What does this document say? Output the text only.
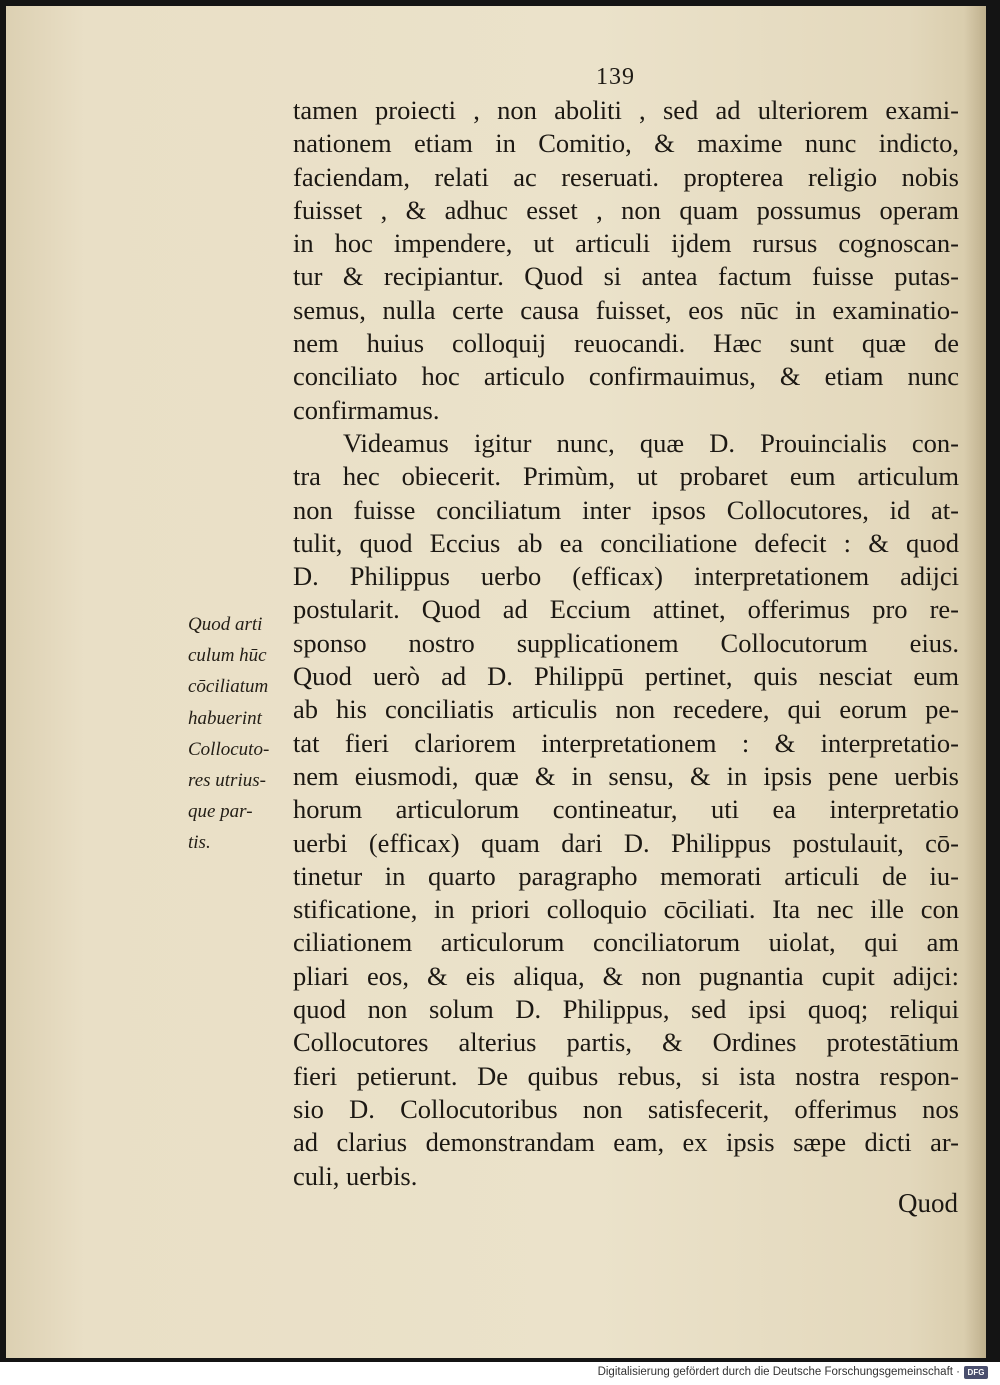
139
tamen proiecti , non aboliti , sed ad ulteriorem exami-
nationem etiam in Comitio, & maxime nunc indicto,
faciendam, relati ac reseruati. propterea religio nobis
fuisset , & adhuc esset , non quam possumus operam
in hoc impendere, ut articuli ijdem rursus cognoscan-
tur & recipiantur. Quod si antea factum fuisse putas-
semus, nulla certe causa fuisset, eos nūc in examinatio-
nem huius colloquij reuocandi. Hæc sunt quæ de
conciliato hoc articulo confirmauimus, & etiam nunc
confirmamus.
Videamus igitur nunc, quæ D. Prouincialis con-
tra hec obiecerit. Primùm, ut probaret eum articulum
non fuisse conciliatum inter ipsos Collocutores, id at-
tulit, quod Eccius ab ea conciliatione defecit : & quod
D. Philippus uerbo (efficax) interpretationem adijci
postularit. Quod ad Eccium attinet, offerimus pro re-
sponso nostro supplicationem Collocutorum eius.
Quod uerò ad D. Philippū pertinet, quis nesciat eum
ab his conciliatis articulis non recedere, qui eorum pe-
tat fieri clariorem interpretationem : & interpretatio-
nem eiusmodi, quæ & in sensu, & in ipsis pene uerbis
horum articulorum contineatur, uti ea interpretatio
uerbi (efficax) quam dari D. Philippus postulauit, cō-
tinetur in quarto paragrapho memorati articuli de iu-
stificatione, in priori colloquio cōciliati. Ita nec ille con
ciliationem articulorum conciliatorum uiolat, qui am
pliari eos, & eis aliqua, & non pugnantia cupit adijci:
quod non solum D. Philippus, sed ipsi quoq; reliqui
Collocutores alterius partis, & Ordines protestātium
fieri petierunt. De quibus rebus, si ista nostra respon-
sio D. Collocutoribus non satisfecerit, offerimus nos
ad clarius demonstrandam eam, ex ipsis sæpe dicti ar-
culi, uerbis.
Quod arti
culum hūc
cōciliatum
habuerint
Collocuto-
res utrius-
que par-
tis.
Quod
Digitalisierung gefördert durch die Deutsche Forschungsgemeinschaft · DFG
